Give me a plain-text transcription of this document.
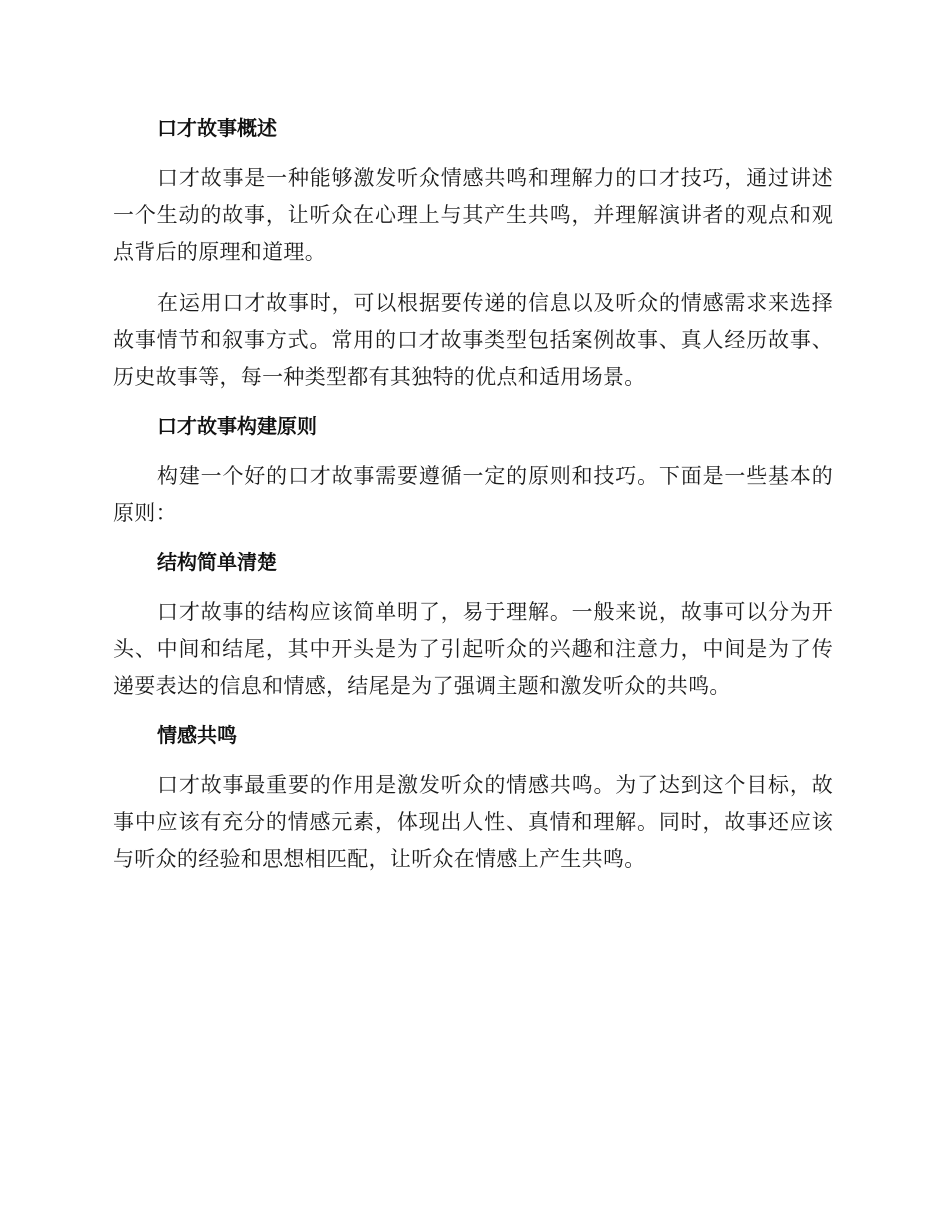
口才故事概述

口才故事是一种能够激发听众情感共鸣和理解力的口才技巧，通过讲述一个生动的故事，让听众在心理上与其产生共鸣，并理解演讲者的观点和观点背后的原理和道理。

在运用口才故事时，可以根据要传递的信息以及听众的情感需求来选择故事情节和叙事方式。常用的口才故事类型包括案例故事、真人经历故事、历史故事等，每一种类型都有其独特的优点和适用场景。

口才故事构建原则

构建一个好的口才故事需要遵循一定的原则和技巧。下面是一些基本的原则：

结构简单清楚

口才故事的结构应该简单明了，易于理解。一般来说，故事可以分为开头、中间和结尾，其中开头是为了引起听众的兴趣和注意力，中间是为了传递要表达的信息和情感，结尾是为了强调主题和激发听众的共鸣。

情感共鸣

口才故事最重要的作用是激发听众的情感共鸣。为了达到这个目标，故事中应该有充分的情感元素，体现出人性、真情和理解。同时，故事还应该与听众的经验和思想相匹配，让听众在情感上产生共鸣。
